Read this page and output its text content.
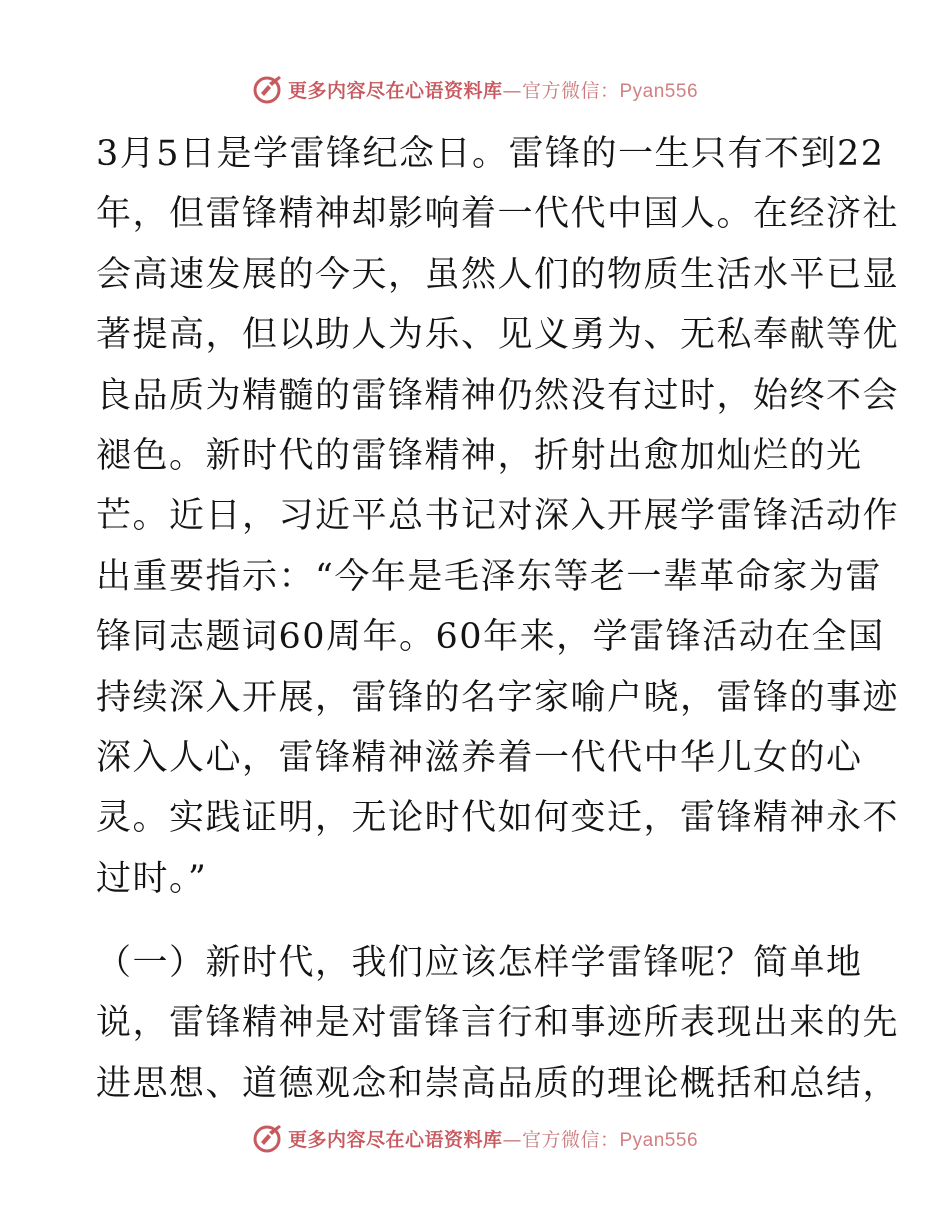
更多内容尽在心语资料库—官方微信：Pyan556
3月5日是学雷锋纪念日。雷锋的一生只有不到22
年，但雷锋精神却影响着一代代中国人。在经济社
会高速发展的今天，虽然人们的物质生活水平已显
著提高，但以助人为乐、见义勇为、无私奉献等优
良品质为精髓的雷锋精神仍然没有过时，始终不会
褪色。新时代的雷锋精神，折射出愈加灿烂的光
芒。近日，习近平总书记对深入开展学雷锋活动作
出重要指示：“今年是毛泽东等老一辈革命家为雷
锋同志题词60周年。60年来，学雷锋活动在全国
持续深入开展，雷锋的名字家喻户晓，雷锋的事迹
深入人心，雷锋精神滋养着一代代中华儿女的心
灵。实践证明，无论时代如何变迁，雷锋精神永不
过时。”
（一）新时代，我们应该怎样学雷锋呢？简单地
说，雷锋精神是对雷锋言行和事迹所表现出来的先
进思想、道德观念和崇高品质的理论概括和总结，
更多内容尽在心语资料库—官方微信：Pyan556
